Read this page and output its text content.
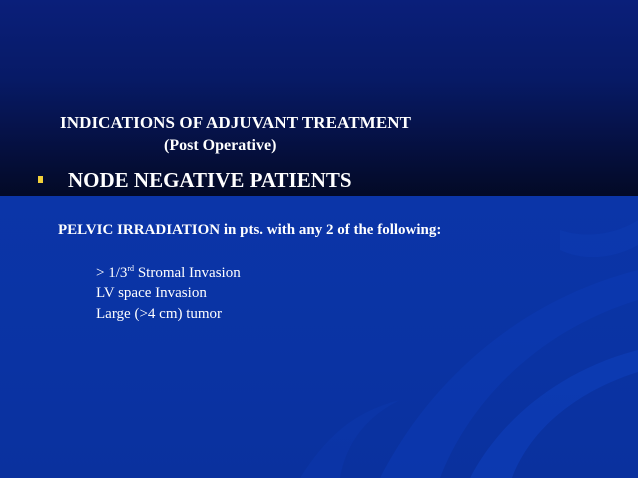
INDICATIONS OF ADJUVANT TREATMENT
(Post Operative)
NODE NEGATIVE PATIENTS
PELVIC IRRADIATION in pts. with any 2 of the following:
> 1/3rd Stromal Invasion
LV space Invasion
Large (>4 cm) tumor
